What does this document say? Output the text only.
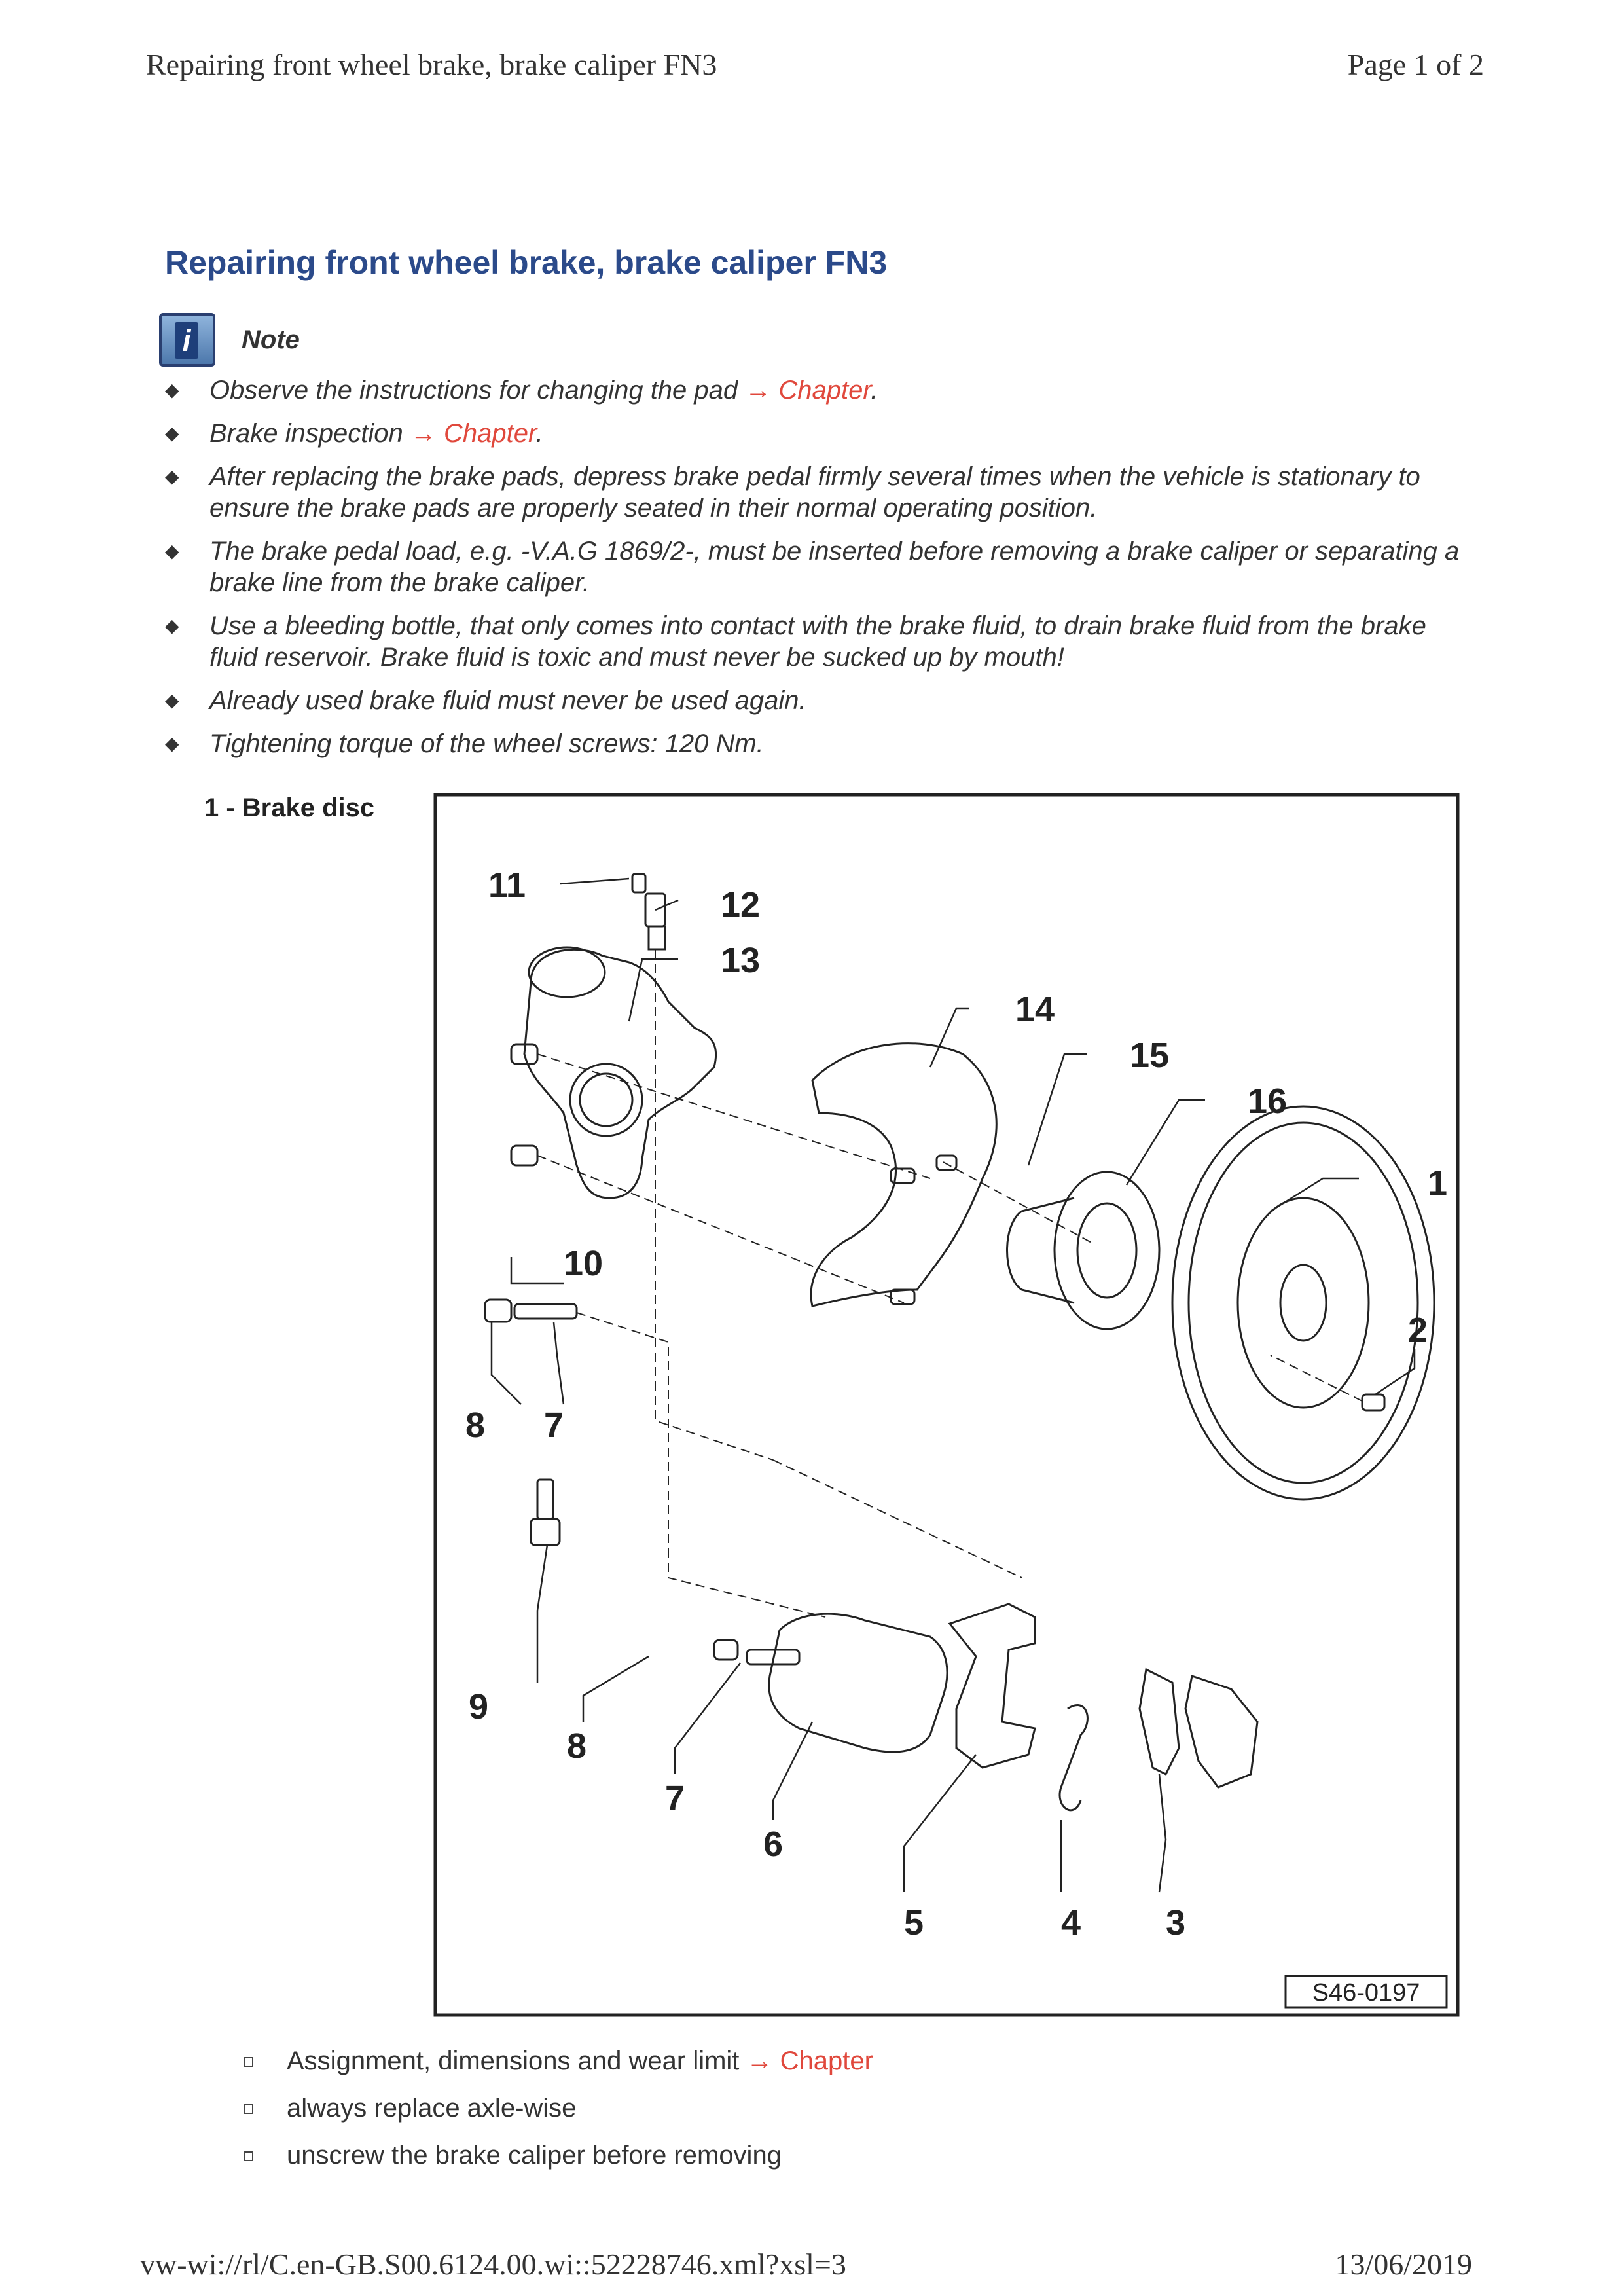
Repairing front wheel brake, brake caliper FN3	Page 1 of 2
Repairing front wheel brake, brake caliper FN3
i Note
◆ Observe the instructions for changing the pad → Chapter.
◆ Brake inspection → Chapter.
◆ After replacing the brake pads, depress brake pedal firmly several times when the vehicle is stationary to ensure the brake pads are properly seated in their normal operating position.
◆ The brake pedal load, e.g. -V.A.G 1869/2-, must be inserted before removing a brake caliper or separating a brake line from the brake caliper.
◆ Use a bleeding bottle, that only comes into contact with the brake fluid, to drain brake fluid from the brake fluid reservoir. Brake fluid is toxic and must never be sucked up by mouth!
◆ Already used brake fluid must never be used again.
◆ Tightening torque of the wheel screws: 120 Nm.
1 - Brake disc
1
2
3
4
5
6
7
8
9
10
11	12
13
14
15
16
8 7
S46-0197
Assignment, dimensions and wear limit → Chapter
always replace axle-wise
unscrew the brake caliper before removing
vw-wi://rl/C.en-GB.S00.6124.00.wi::52228746.xml?xsl=3	13/06/2019
